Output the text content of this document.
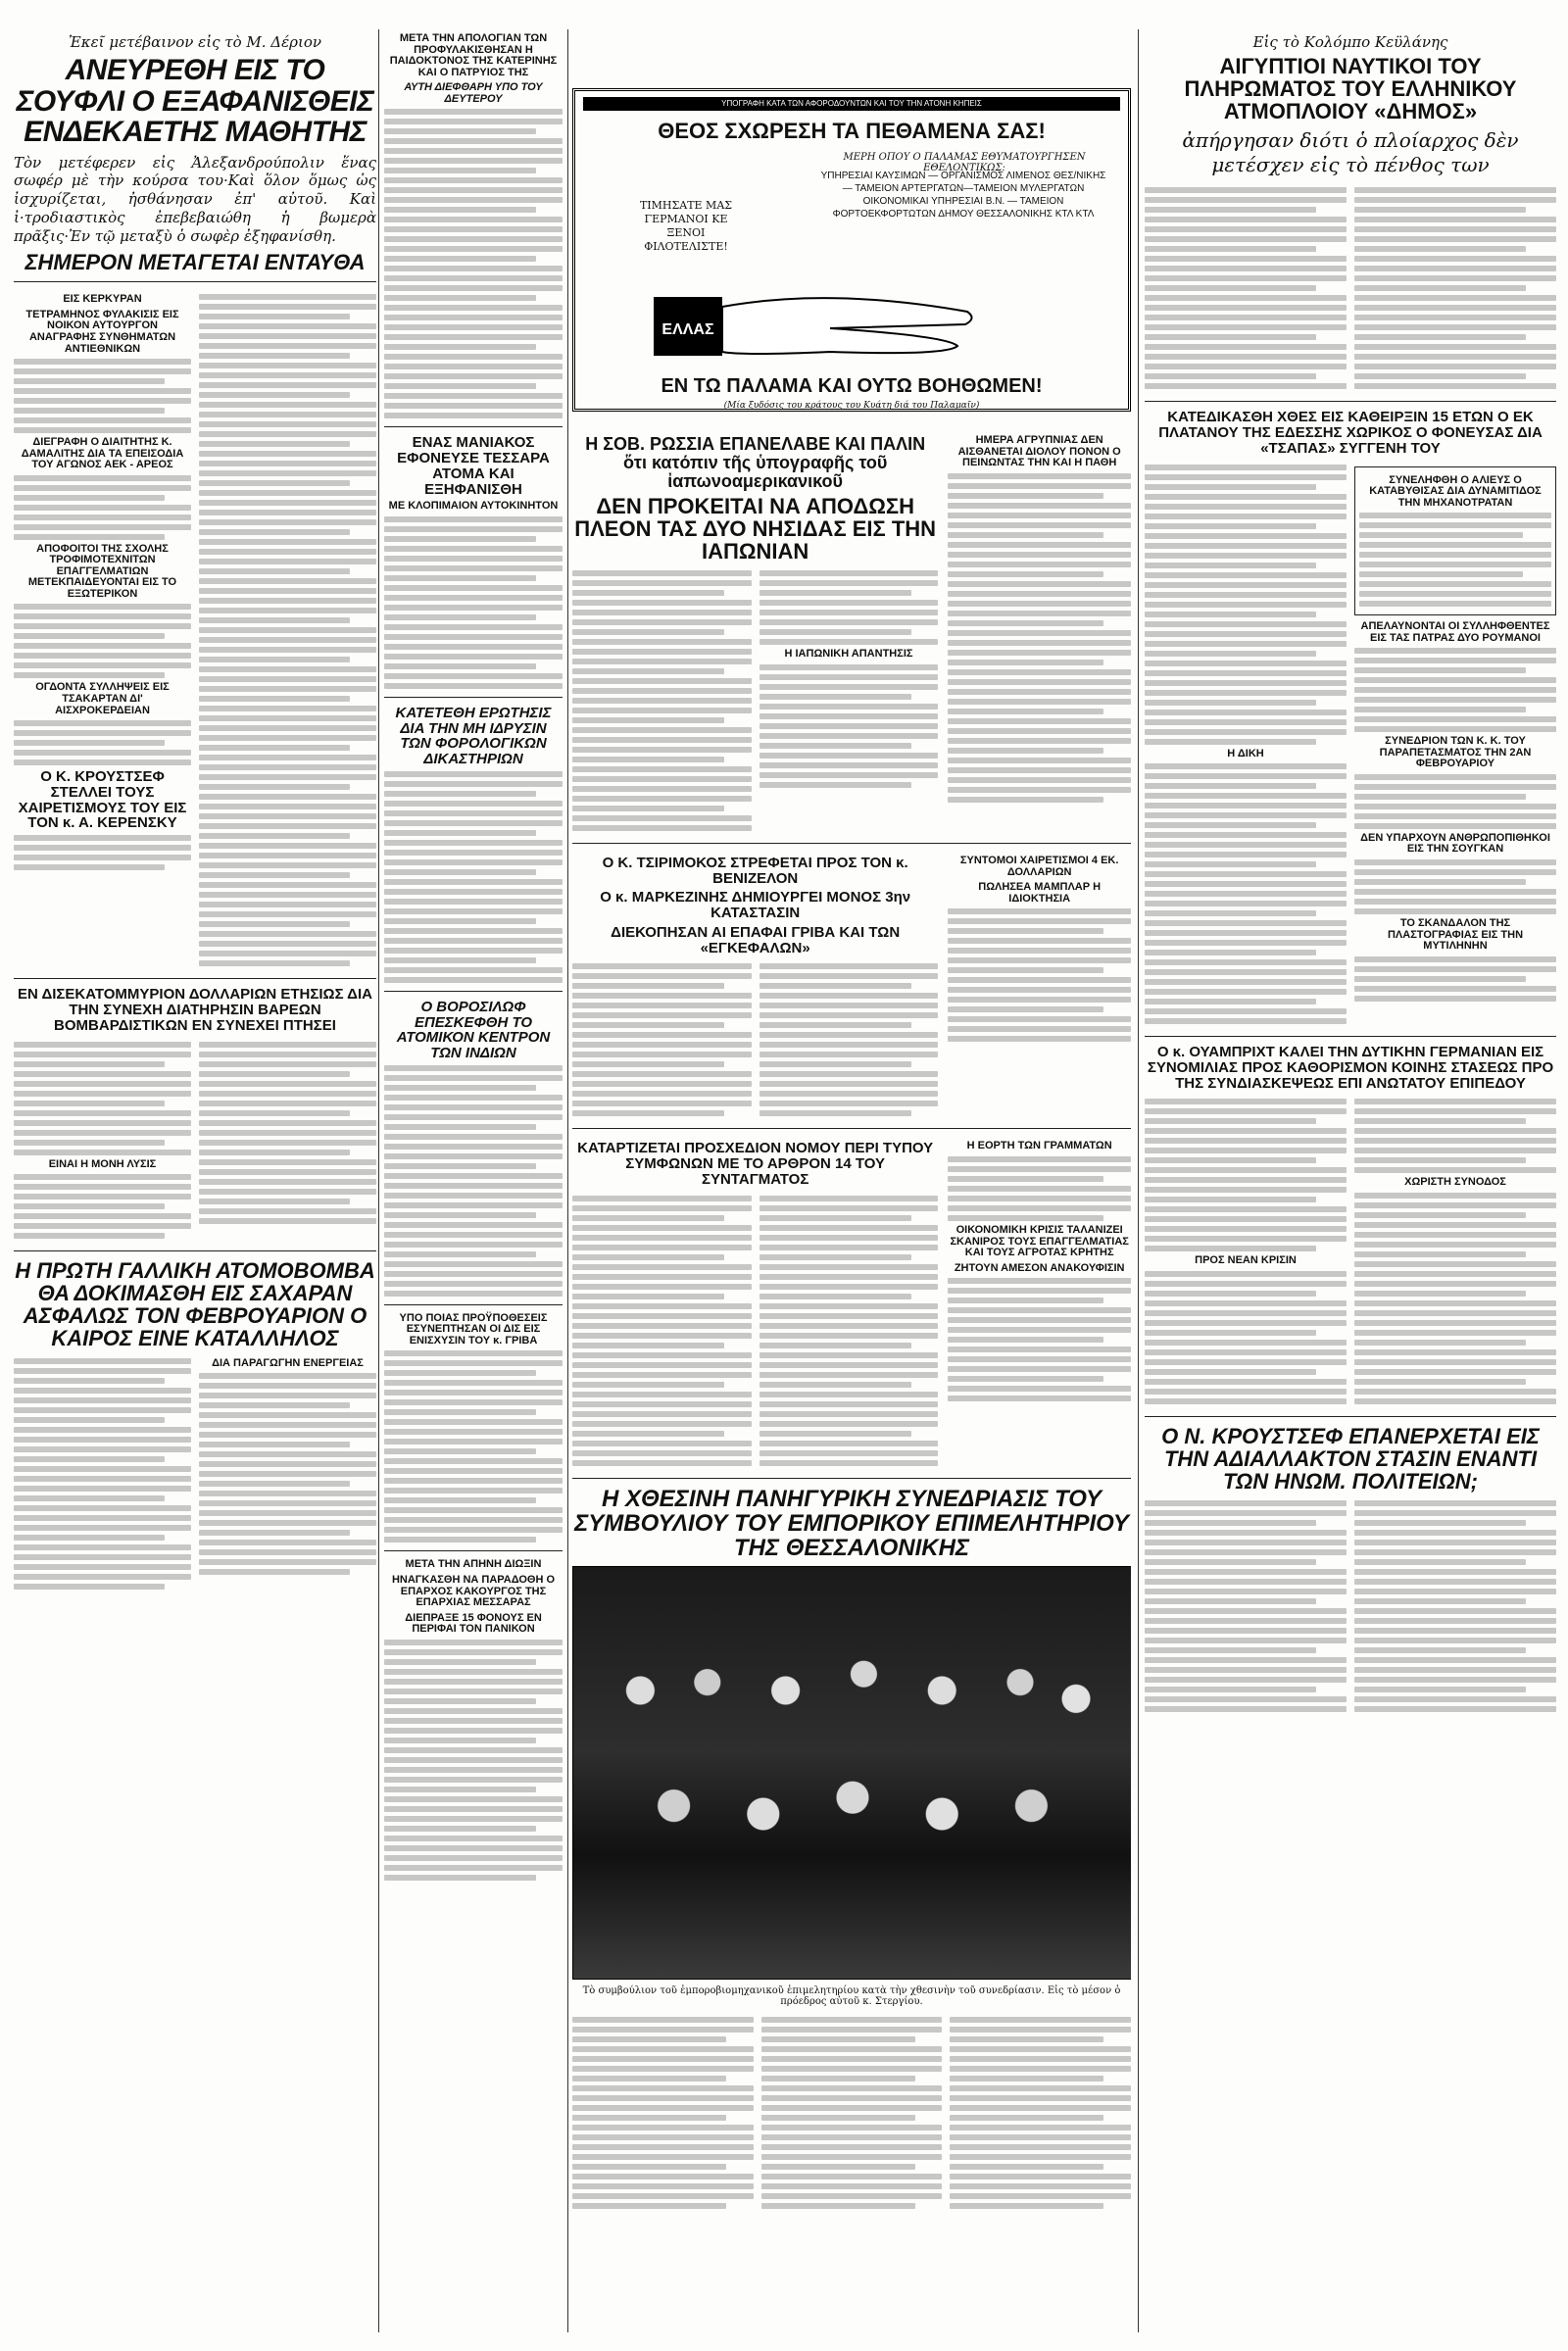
Ἐκεῖ μετέβαινον εἰς τὸ Μ. Δέριον
ΑΝΕΥΡΕΘΗ ΕΙΣ ΤΟ ΣΟΥΦΛΙ Ο ΕΞΑΦΑΝΙΣΘΕΙΣ ΕΝΔΕΚΑΕΤΗΣ ΜΑΘΗΤΗΣ
Τὸν μετέφερεν εἰς Ἀλεξανδρούπολιν ἕνας σωφέρ μὲ τὴν κούρσα του·Καὶ ὅλον ὅμως ὡς ἰσχυρίζεται, ἠσθάνησαν ἐπ' αὐτοῦ. Καὶ ἰ·τροδιαστικὸς ἐπεβεβαιώθη ἡ βωμερὰ πρᾶξις·Ἐν τῷ μεταξὺ ὁ σωφὲρ ἐξηφανίσθη.
ΣΗΜΕΡΟΝ ΜΕΤΑΓΕΤΑΙ ΕΝΤΑΥΘΑ
ΕΙΣ ΚΕΡΚΥΡΑΝ
ΤΕΤΡΑΜΗΝΟΣ ΦΥΛΑΚΙΣΙΣ ΕΙΣ ΝΟΙΚΟΝ ΑΥΤΟΥΡΓΟΝ ΑΝΑΓΡΑΦΗΣ ΣΥΝΘΗΜΑΤΩΝ ΑΝΤΙΕΘΝΙΚΩΝ
ΔΙΕΓΡΑΦΗ Ο ΔΙΑΙΤΗΤΗΣ Κ. ΔΑΜΑΛΙΤΗΣ ΔΙΑ ΤΑ ΕΠΕΙΣΟΔΙΑ ΤΟΥ ΑΓΩΝΟΣ ΑΕΚ - ΑΡΕΟΣ
ΑΠΟΦΟΙΤΟΙ ΤΗΣ ΣΧΟΛΗΣ ΤΡΟΦΙΜΟΤΕΧΝΙΤΩΝ ΕΠΑΓΓΕΛΜΑΤΙΩΝ ΜΕΤΕΚΠΑΙΔΕΥΟΝΤΑΙ ΕΙΣ ΤΟ ΕΞΩΤΕΡΙΚΟΝ
ΟΓΔΟΝΤΑ ΣΥΛΛΗΨΕΙΣ ΕΙΣ ΤΣΑΚΑΡΤΑΝ ΔΙ' ΑΙΣΧΡΟΚΕΡΔΕΙΑΝ
Ο Κ. ΚΡΟΥΣΤΣΕΦ ΣΤΕΛΛΕΙ ΤΟΥΣ ΧΑΙΡΕΤΙΣΜΟΥΣ ΤΟΥ ΕΙΣ ΤΟΝ κ. Α. ΚΕΡΕΝΣΚΥ
ΕΝ ΔΙΣΕΚΑΤΟΜΜΥΡΙΟΝ ΔΟΛΛΑΡΙΩΝ ΕΤΗΣΙΩΣ ΔΙΑ ΤΗΝ ΣΥΝΕΧΗ ΔΙΑΤΗΡΗΣΙΝ ΒΑΡΕΩΝ ΒΟΜΒΑΡΔΙΣΤΙΚΩΝ ΕΝ ΣΥΝΕΧΕΙ ΠΤΗΣΕΙ
ΕΙΝΑΙ Η ΜΟΝΗ ΛΥΣΙΣ
Η ΠΡΩΤΗ ΓΑΛΛΙΚΗ ΑΤΟΜΟΒΟΜΒΑ ΘΑ ΔΟΚΙΜΑΣΘΗ ΕΙΣ ΣΑΧΑΡΑΝ ΑΣΦΑΛΩΣ ΤΟΝ ΦΕΒΡΟΥΑΡΙΟΝ Ο ΚΑΙΡΟΣ ΕΙΝΕ ΚΑΤΑΛΛΗΛΟΣ
ΔΙΑ ΠΑΡΑΓΩΓΗΝ ΕΝΕΡΓΕΙΑΣ
ΜΕΤΑ ΤΗΝ ΑΠΟΛΟΓΙΑΝ ΤΩΝ ΠΡΟΦΥΛΑΚΙΣΘΗΣΑΝ Η ΠΑΙΔΟΚΤΟΝΟΣ ΤΗΣ ΚΑΤΕΡΙΝΗΣ ΚΑΙ Ο ΠΑΤΡΥΙΟΣ ΤΗΣ
ΑΥΤΗ ΔΙΕΦΘΑΡΗ ΥΠΟ ΤΟΥ ΔΕΥΤΕΡΟΥ
ΕΝΑΣ ΜΑΝΙΑΚΟΣ ΕΦΟΝΕΥΣΕ ΤΕΣΣΑΡΑ ΑΤΟΜΑ ΚΑΙ ΕΞΗΦΑΝΙΣΘΗ
ΜΕ ΚΛΟΠΙΜΑΙΟΝ ΑΥΤΟΚΙΝΗΤΟΝ
ΚΑΤΕΤΕΘΗ ΕΡΩΤΗΣΙΣ ΔΙΑ ΤΗΝ ΜΗ ΙΔΡΥΣΙΝ ΤΩΝ ΦΟΡΟΛΟΓΙΚΩΝ ΔΙΚΑΣΤΗΡΙΩΝ
Ο ΒΟΡΟΣΙΛΩΦ ΕΠΕΣΚΕΦΘΗ ΤΟ ΑΤΟΜΙΚΟΝ ΚΕΝΤΡΟΝ ΤΩΝ ΙΝΔΙΩΝ
ΥΠΟ ΠΟΙΑΣ ΠΡΟΫΠΟΘΕΣΕΙΣ ΕΣΥΝΕΠΤΗΣΑΝ ΟΙ ΔΙΣ ΕΙΣ ΕΝΙΣΧΥΣΙΝ ΤΟΥ κ. ΓΡΙΒΑ
ΜΕΤΑ ΤΗΝ ΑΠΗΝΗ ΔΙΩΞΙΝ
ΗΝΑΓΚΑΣΘΗ ΝΑ ΠΑΡΑΔΟΘΗ Ο ΕΠΑΡΧΟΣ ΚΑΚΟΥΡΓΟΣ ΤΗΣ ΕΠΑΡΧΙΑΣ ΜΕΣΣΑΡΑΣ
ΔΙΕΠΡΑΞΕ 15 ΦΟΝΟΥΣ ΕΝ ΠΕΡΙΦΑΙ ΤΟΝ ΠΑΝΙΚΟΝ
ΥΠΟΓΡΑΦΗ ΚΑΤΑ ΤΩΝ ΑΦΟΡΟΔΟΥΝΤΩΝ ΚΑΙ ΤΟΥ ΤΗΝ ΑΤΟΝΗ ΚΗΠΕΙΣ
ΘΕΟΣ ΣΧΩΡΕΣΗ ΤΑ ΠΕΘΑΜΕΝΑ ΣΑΣ!
ΜΕΡΗ ΟΠΟΥ Ο ΠΑΛΑΜΑΣ ΕΘΥΜΑΤΟΥΡΓΗΣΕΝ ΕΘΕΛΟΝΤΙΚΩΣ:
ΥΠΗΡΕΣΙΑΙ ΚΑΥΣΙΜΩΝ — ΟΡΓΑΝΙΣΜΟΣ ΛΙΜΕΝΟΣ ΘΕΣ/ΝΙΚΗΣ — ΤΑΜΕΙΟΝ ΑΡΤΕΡΓΑΤΩΝ—ΤΑΜΕΙΟΝ ΜΥΛΕΡΓΑΤΩΝ ΟΙΚΟΝΟΜΙΚΑΙ ΥΠΗΡΕΣΙΑΙ Β.Ν. — ΤΑΜΕΙΟΝ ΦΟΡΤΟΕΚΦΟΡΤΩΤΩΝ ΔΗΜΟΥ ΘΕΣΣΑΛΟΝΙΚΗΣ ΚΤΛ ΚΤΛ
ΤΙΜΗΣΑΤΕ ΜΑΣ ΓΕΡΜΑΝΟΙ ΚΕ ΞΕΝΟΙ ΦΙΛΟΤΕΛΙΣΤΕ!
ΕΛΛΑΣ
ΕΝ ΤΩ ΠΑΛΑΜΑ ΚΑΙ ΟΥΤΩ ΒΟΗΘΩΜΕΝ!
(Μία ξυδόσις του κράτους του Κυάτη διά του Παλαμαῖν)
Η ΣΟΒ. ΡΩΣΣΙΑ ΕΠΑΝΕΛΑΒΕ ΚΑΙ ΠΑΛΙΝ ὅτι κατόπιν τῆς ὑπογραφῆς τοῦ ἰαπωνοαμερικανικοῦ
ΔΕΝ ΠΡΟΚΕΙΤΑΙ ΝΑ ΑΠΟΔΩΣΗ ΠΛΕΟΝ ΤΑΣ ΔΥΟ ΝΗΣΙΔΑΣ ΕΙΣ ΤΗΝ ΙΑΠΩΝΙΑΝ
Η ΙΑΠΩΝΙΚΗ ΑΠΑΝΤΗΣΙΣ
ΗΜΕΡΑ ΑΓΡΥΠΝΙΑΣ ΔΕΝ ΑΙΣΘΑΝΕΤΑΙ ΔΙΟΛΟΥ ΠΟΝΟΝ Ο ΠΕΙΝΩΝΤΑΣ ΤΗΝ ΚΑΙ Η ΠΑΘΗ
Ο Κ. ΤΣΙΡΙΜΟΚΟΣ ΣΤΡΕΦΕΤΑΙ ΠΡΟΣ ΤΟΝ κ. ΒΕΝΙΖΕΛΟΝ
Ο κ. ΜΑΡΚΕΖΙΝΗΣ ΔΗΜΙΟΥΡΓΕΙ ΜΟΝΟΣ 3ην ΚΑΤΑΣΤΑΣΙΝ
ΔΙΕΚΟΠΗΣΑΝ ΑΙ ΕΠΑΦΑΙ ΓΡΙΒΑ ΚΑΙ ΤΩΝ «ΕΓΚΕΦΑΛΩΝ»
ΣΥΝΤΟΜΟΙ ΧΑΙΡΕΤΙΣΜΟΙ 4 ΕΚ. ΔΟΛΛΑΡΙΩΝ
ΠΩΛΗΣΕΑ ΜΑΜΠΛΑΡ Η ΙΔΙΟΚΤΗΣΙΑ
ΚΑΤΑΡΤΙΖΕΤΑΙ ΠΡΟΣΧΕΔΙΟΝ ΝΟΜΟΥ ΠΕΡΙ ΤΥΠΟΥ ΣΥΜΦΩΝΩΝ ΜΕ ΤΟ ΑΡΘΡΟΝ 14 ΤΟΥ ΣΥΝΤΑΓΜΑΤΟΣ
Η ΕΟΡΤΗ ΤΩΝ ΓΡΑΜΜΑΤΩΝ
ΟΙΚΟΝΟΜΙΚΗ ΚΡΙΣΙΣ ΤΑΛΑΝΙΖΕΙ ΣΚΑΝΙΡΟΣ ΤΟΥΣ ΕΠΑΓΓΕΛΜΑΤΙΑΣ ΚΑΙ ΤΟΥΣ ΑΓΡΟΤΑΣ ΚΡΗΤΗΣ
ΖΗΤΟΥΝ ΑΜΕΣΟΝ ΑΝΑΚΟΥΦΙΣΙΝ
Η ΧΘΕΣΙΝΗ ΠΑΝΗΓΥΡΙΚΗ ΣΥΝΕΔΡΙΑΣΙΣ ΤΟΥ ΣΥΜΒΟΥΛΙΟΥ ΤΟΥ ΕΜΠΟΡΙΚΟΥ ΕΠΙΜΕΛΗΤΗΡΙΟΥ ΤΗΣ ΘΕΣΣΑΛΟΝΙΚΗΣ
Τὸ συμβούλιον τοῦ ἐμποροβιομηχανικοῦ ἐπιμελητηρίου κατὰ τὴν χθεσινὴν τοῦ συνεδρίασιν. Εἰς τὸ μέσον ὁ πρόεδρος αὐτοῦ κ. Στεργίου.
Εἰς τὸ Κολόμπο Κεϋλάνης
ΑΙΓΥΠΤΙΟΙ ΝΑΥΤΙΚΟΙ ΤΟΥ ΠΛΗΡΩΜΑΤΟΣ ΤΟΥ ΕΛΛΗΝΙΚΟΥ ΑΤΜΟΠΛΟΙΟΥ «ΔΗΜΟΣ»
ἀπήργησαν διότι ὁ πλοίαρχος δὲν μετέσχεν εἰς τὸ πένθος των
ΚΑΤΕΔΙΚΑΣΘΗ ΧΘΕΣ ΕΙΣ ΚΑΘΕΙΡΞΙΝ 15 ΕΤΩΝ Ο ΕΚ ΠΛΑΤΑΝΟΥ ΤΗΣ ΕΔΕΣΣΗΣ ΧΩΡΙΚΟΣ Ο ΦΟΝΕΥΣΑΣ ΔΙΑ «ΤΣΑΠΑΣ» ΣΥΓΓΕΝΗ ΤΟΥ
Η ΔΙΚΗ
ΣΥΝΕΛΗΦΘΗ Ο ΑΛΙΕΥΣ Ο ΚΑΤΑΒΥΘΙΣΑΣ ΔΙΑ ΔΥΝΑΜΙΤΙΔΟΣ ΤΗΝ ΜΗΧΑΝΟΤΡΑΤΑΝ
ΑΠΕΛΑΥΝΟΝΤΑΙ ΟΙ ΣΥΛΛΗΦΘΕΝΤΕΣ ΕΙΣ ΤΑΣ ΠΑΤΡΑΣ ΔΥΟ ΡΟΥΜΑΝΟΙ
ΣΥΝΕΔΡΙΟΝ ΤΩΝ Κ. Κ. ΤΟΥ ΠΑΡΑΠΕΤΑΣΜΑΤΟΣ ΤΗΝ 2ΑΝ ΦΕΒΡΟΥΑΡΙΟΥ
ΔΕΝ ΥΠΑΡΧΟΥΝ ΑΝΘΡΩΠΟΠΙΘΗΚΟΙ ΕΙΣ ΤΗΝ ΣΟΥΓΚΑΝ
ΤΟ ΣΚΑΝΔΑΛΟΝ ΤΗΣ ΠΛΑΣΤΟΓΡΑΦΙΑΣ ΕΙΣ ΤΗΝ ΜΥΤΙΛΗΝΗΝ
Ο κ. ΟΥΑΜΠΡΙΧΤ ΚΑΛΕΙ ΤΗΝ ΔΥΤΙΚΗΝ ΓΕΡΜΑΝΙΑΝ ΕΙΣ ΣΥΝΟΜΙΛΙΑΣ ΠΡΟΣ ΚΑΘΟΡΙΣΜΟΝ ΚΟΙΝΗΣ ΣΤΑΣΕΩΣ ΠΡΟ ΤΗΣ ΣΥΝΔΙΑΣΚΕΨΕΩΣ ΕΠΙ ΑΝΩΤΑΤΟΥ ΕΠΙΠΕΔΟΥ
ΠΡΟΣ ΝΕΑΝ ΚΡΙΣΙΝ
ΧΩΡΙΣΤΗ ΣΥΝΟΔΟΣ
Ο Ν. ΚΡΟΥΣΤΣΕΦ ΕΠΑΝΕΡΧΕΤΑΙ ΕΙΣ ΤΗΝ ΑΔΙΑΛΛΑΚΤΟΝ ΣΤΑΣΙΝ ΕΝΑΝΤΙ ΤΩΝ ΗΝΩΜ. ΠΟΛΙΤΕΙΩΝ;
